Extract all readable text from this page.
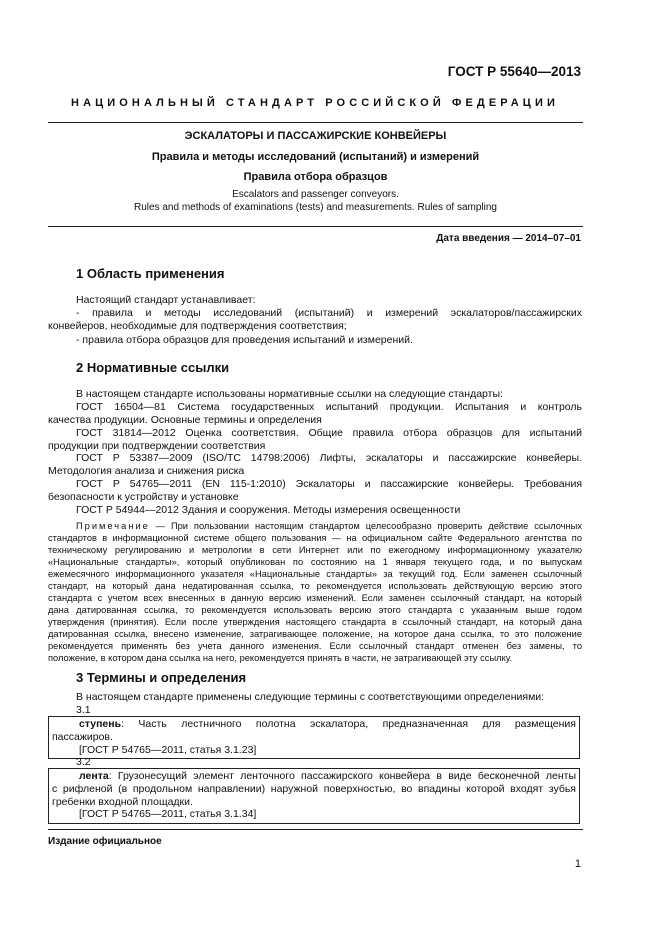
ГОСТ Р 55640—2013
НАЦИОНАЛЬНЫЙ СТАНДАРТ РОССИЙСКОЙ ФЕДЕРАЦИИ
ЭСКАЛАТОРЫ И ПАССАЖИРСКИЕ КОНВЕЙЕРЫ
Правила и методы исследований (испытаний) и измерений
Правила отбора образцов
Escalators and passenger conveyors.
Rules and methods of examinations (tests) and measurements. Rules of sampling
Дата введения — 2014–07–01
1 Область применения
Настоящий стандарт устанавливает:
- правила и методы исследований (испытаний) и измерений эскалаторов/пассажирских
конвейеров, необходимые для подтверждения соответствия;
- правила отбора образцов для проведения испытаний и измерений.
2 Нормативные ссылки
В настоящем стандарте использованы нормативные ссылки на следующие стандарты:
ГОСТ 16504—81 Система государственных испытаний продукции. Испытания и контроль
качества продукции. Основные термины и определения
ГОСТ 31814—2012 Оценка соответствия. Общие правила отбора образцов для испытаний
продукции при подтверждении соответствия
ГОСТ Р 53387—2009 (ISO/TC 14798:2006) Лифты, эскалаторы и пассажирские конвейеры.
Методология анализа и снижения риска
ГОСТ Р 54765—2011 (EN 115-1:2010) Эскалаторы и пассажирские конвейеры. Требования
безопасности к устройству и установке
ГОСТ Р 54944—2012 Здания и сооружения. Методы измерения освещенности
Примечание — При пользовании настоящим стандартом целесообразно проверить действие ссылочных
стандартов в информационной системе общего пользования — на официальном сайте Федерального агентства по
техническому регулированию и метрологии в сети Интернет или по ежегодному информационному указателю
«Национальные стандарты», который опубликован по состоянию на 1 января текущего года, и по выпускам
ежемесячного информационного указателя «Национальные стандарты» за текущий год. Если заменен ссылочный
стандарт, на который дана недатированная ссылка, то рекомендуется использовать действующую версию этого
стандарта с учетом всех внесенных в данную версию изменений. Если заменен ссылочный стандарт, на который
дана датированная ссылка, то рекомендуется использовать версию этого стандарта с указанным выше годом
утверждения (принятия). Если после утверждения настоящего стандарта в ссылочный стандарт, на который дана
датированная ссылка, внесено изменение, затрагивающее положение, на которое дана ссылка, то это положение
рекомендуется применять без учета данного изменения. Если ссылочный стандарт отменен без замены, то
положение, в котором дана ссылка на него, рекомендуется принять в части, не затрагивающей эту ссылку.
3 Термины и определения
В настоящем стандарте применены следующие термины с соответствующими определениями:
3.1
ступень: Часть лестничного полотна эскалатора, предназначенная для размещения
пассажиров.
[ГОСТ Р 54765—2011, статья 3.1.23]
3.2
лента: Грузонесущий элемент ленточного пассажирского конвейера в виде бесконечной ленты
с рифленой (в продольном направлении) наружной поверхностью, во впадины которой входят зубья
гребенки входной площадки.
[ГОСТ Р 54765—2011, статья 3.1.34]
Издание официальное
1
